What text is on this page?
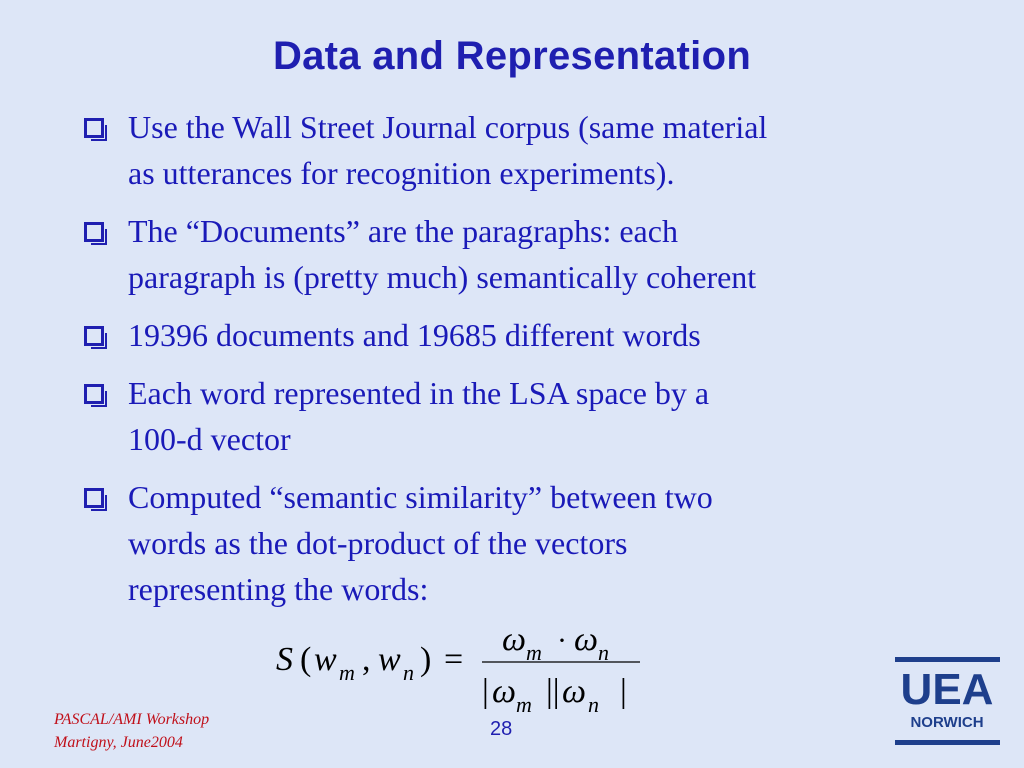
Data and Representation
Use the Wall Street Journal corpus (same material
as utterances for recognition experiments).
The “Documents” are the paragraphs: each
paragraph is (pretty much) semantically coherent
19396 documents and 19685 different words
Each word represented in the LSA space by a
100-d vector
Computed “semantic similarity” between two
words as the dot-product of the vectors
representing the words:
S ( w m , w n ) =
ω m · ω n
| ω m || ω n |
PASCAL/AMI Workshop
Martigny, June2004
28
UEA
NORWICH
